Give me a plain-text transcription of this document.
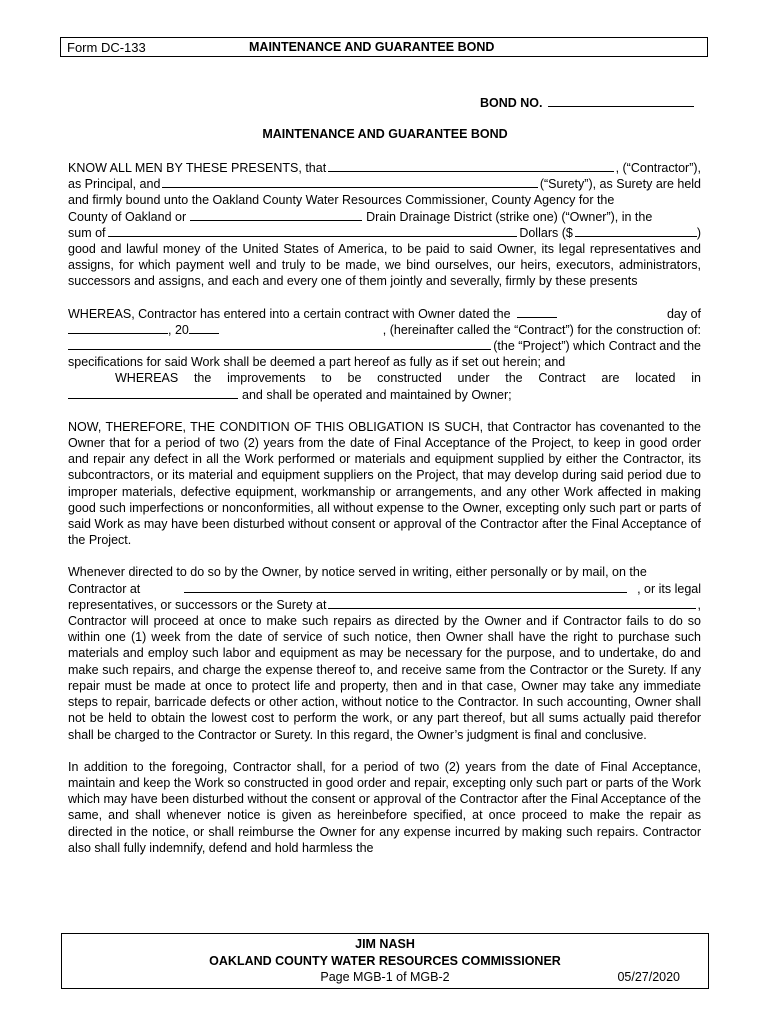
Form DC-133	MAINTENANCE AND GUARANTEE BOND
BOND NO.
MAINTENANCE AND GUARANTEE BOND
KNOW ALL MEN BY THESE PRESENTS, that	, (“Contractor”),
as Principal, and	(“Surety”), as Surety are held
and firmly bound unto the Oakland County Water Resources Commissioner, County Agency for the
County of Oakland or	Drain Drainage District (strike one) (“Owner”), in the
sum of	Dollars ($	)
good and lawful money of the United States of America, to be paid to said Owner, its legal representatives and assigns, for which payment well and truly to be made, we bind ourselves, our heirs, executors, administrators, successors and assigns, and each and every one of them jointly and severally, firmly by these presents
WHEREAS, Contractor has entered into a certain contract with Owner dated the	day of
, 20	, (hereinafter called the “Contract”) for the construction of:
(the “Project”) which Contract and the
specifications for said Work shall be deemed a part hereof as fully as if set out herein; and
WHEREAS the improvements to be constructed under the Contract are located in
and shall be operated and maintained by Owner;
NOW, THEREFORE, THE CONDITION OF THIS OBLIGATION IS SUCH, that Contractor has covenanted to the Owner that for a period of two (2) years from the date of Final Acceptance of the Project, to keep in good order and repair any defect in all the Work performed or materials and equipment supplied by either the Contractor, its subcontractors, or its material and equipment suppliers on the Project, that may develop during said period due to improper materials, defective equipment, workmanship or arrangements, and any other Work affected in making good such imperfections or nonconformities, all without expense to the Owner, excepting only such part or parts of said Work as may have been disturbed without consent or approval of the Contractor after the Final Acceptance of the Project.
Whenever directed to do so by the Owner, by notice served in writing, either personally or by mail, on the
Contractor at	, or its legal
representatives, or successors or the Surety at	,
Contractor will proceed at once to make such repairs as directed by the Owner and if Contractor fails to do so within one (1) week from the date of service of such notice, then Owner shall have the right to purchase such materials and employ such labor and equipment as may be necessary for the purpose, and to undertake, do and make such repairs, and charge the expense thereof to, and receive same from the Contractor or the Surety. If any repair must be made at once to protect life and property, then and in that case, Owner may take any immediate steps to repair, barricade defects or other action, without notice to the Contractor. In such accounting, Owner shall not be held to obtain the lowest cost to perform the work, or any part thereof, but all sums actually paid therefor shall be charged to the Contractor or Surety. In this regard, the Owner’s judgment is final and conclusive.
In addition to the foregoing, Contractor shall, for a period of two (2) years from the date of Final Acceptance, maintain and keep the Work so constructed in good order and repair, excepting only such part or parts of the Work which may have been disturbed without the consent or approval of the Contractor after the Final Acceptance of the same, and shall whenever notice is given as hereinbefore specified, at once proceed to make the repair as directed in the notice, or shall reimburse the Owner for any expense incurred by making such repairs. Contractor also shall fully indemnify, defend and hold harmless the
JIM NASH
OAKLAND COUNTY WATER RESOURCES COMMISSIONER
Page MGB-1 of MGB-2	05/27/2020
